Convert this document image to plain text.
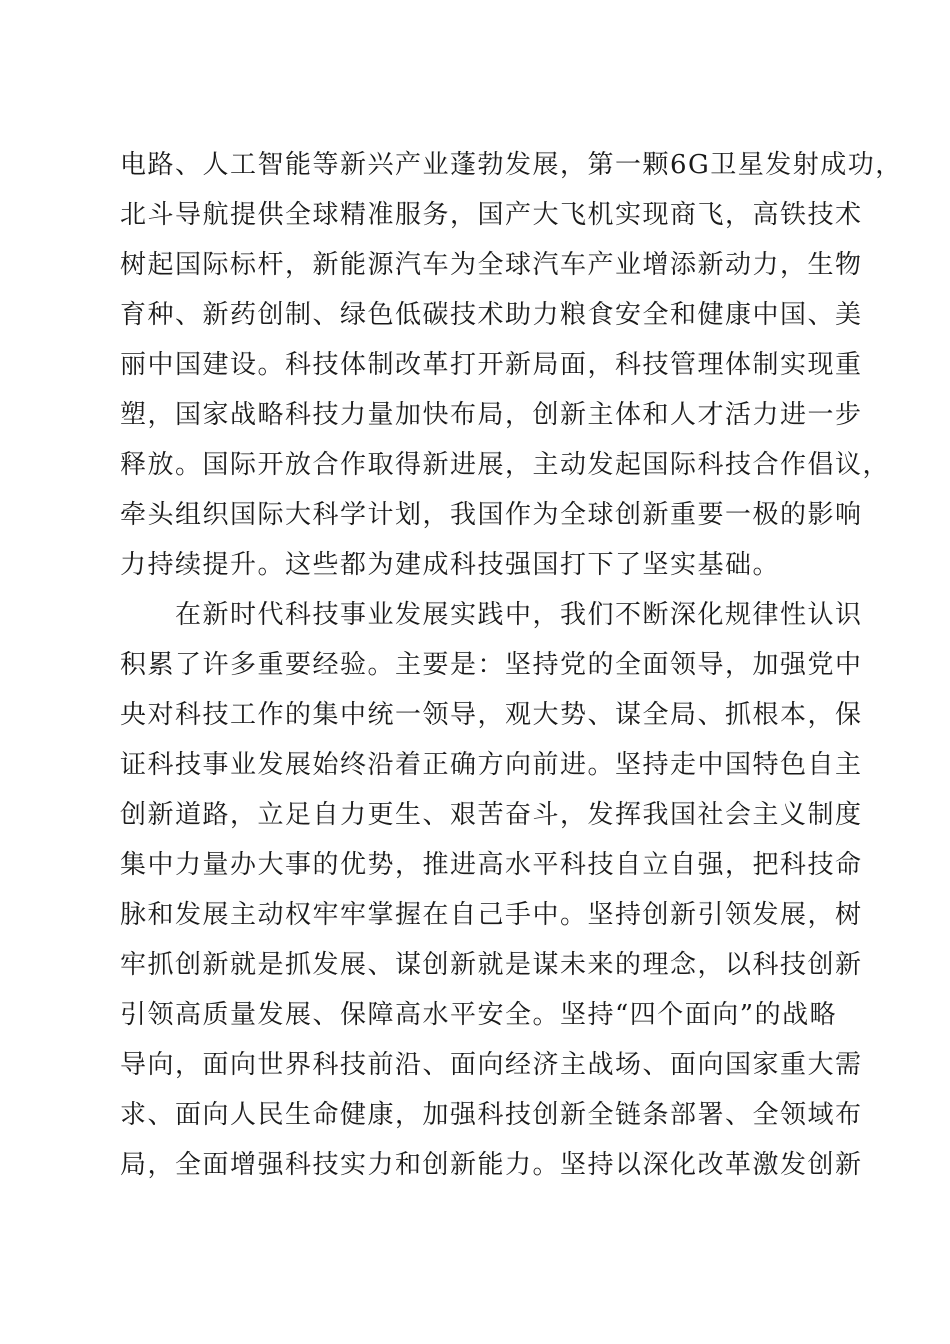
电路、人工智能等新兴产业蓬勃发展，第一颗6G卫星发射成功，
北斗导航提供全球精准服务，国产大飞机实现商飞，高铁技术
树起国际标杆，新能源汽车为全球汽车产业增添新动力，生物
育种、新药创制、绿色低碳技术助力粮食安全和健康中国、美
丽中国建设。科技体制改革打开新局面，科技管理体制实现重
塑，国家战略科技力量加快布局，创新主体和人才活力进一步
释放。国际开放合作取得新进展，主动发起国际科技合作倡议，
牵头组织国际大科学计划，我国作为全球创新重要一极的影响
力持续提升。这些都为建成科技强国打下了坚实基础。
在新时代科技事业发展实践中，我们不断深化规律性认识
积累了许多重要经验。主要是：坚持党的全面领导，加强党中
央对科技工作的集中统一领导，观大势、谋全局、抓根本，保
证科技事业发展始终沿着正确方向前进。坚持走中国特色自主
创新道路，立足自力更生、艰苦奋斗，发挥我国社会主义制度
集中力量办大事的优势，推进高水平科技自立自强，把科技命
脉和发展主动权牢牢掌握在自己手中。坚持创新引领发展，树
牢抓创新就是抓发展、谋创新就是谋未来的理念，以科技创新
引领高质量发展、保障高水平安全。坚持“四个面向”的战略
导向，面向世界科技前沿、面向经济主战场、面向国家重大需
求、面向人民生命健康，加强科技创新全链条部署、全领域布
局，全面增强科技实力和创新能力。坚持以深化改革激发创新
